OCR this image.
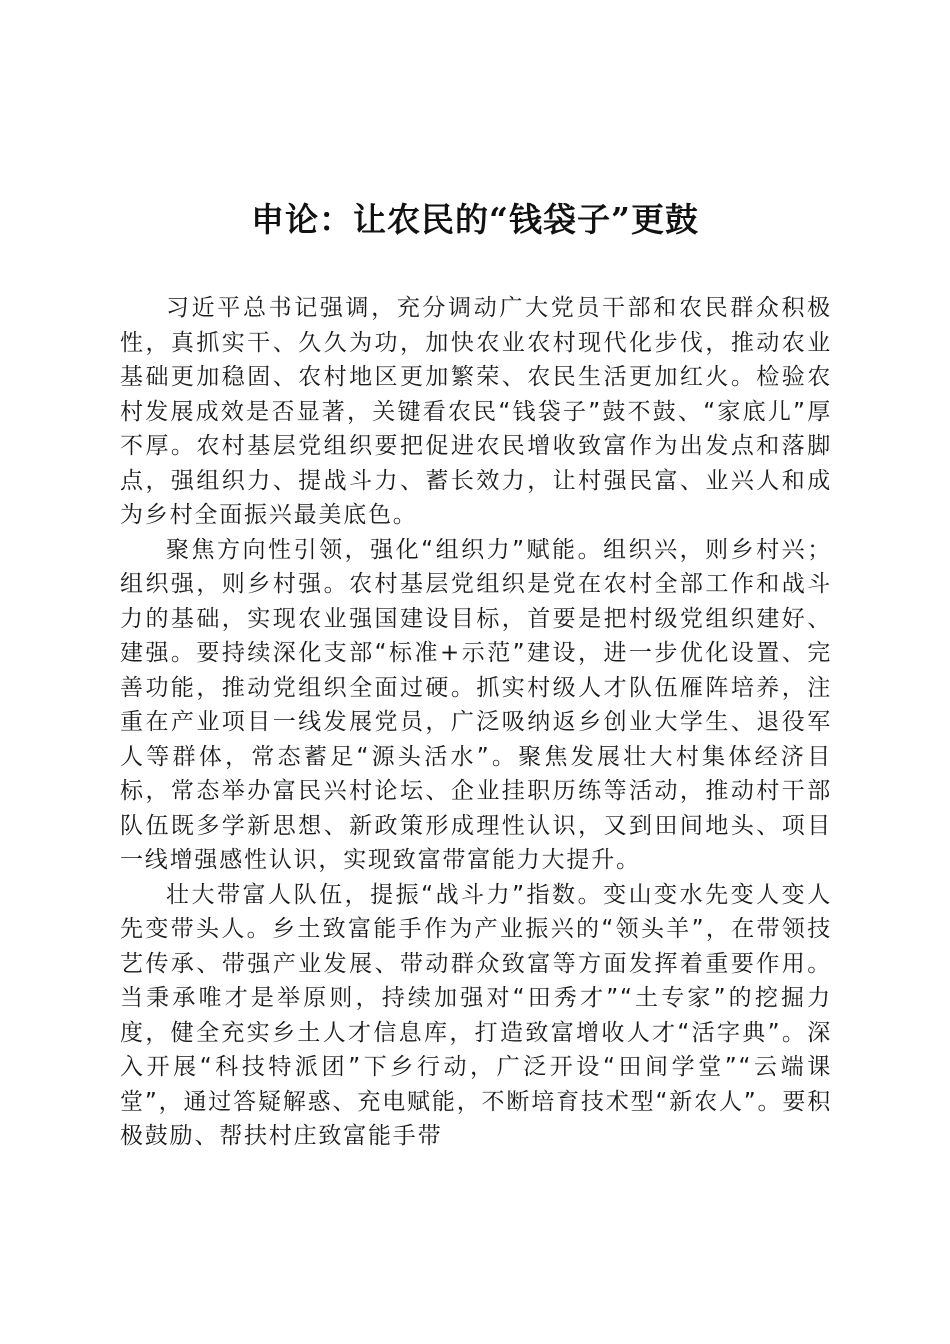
申论：让农民的“钱袋子”更鼓

习近平总书记强调，充分调动广大党员干部和农民群众积极性，真抓实干、久久为功，加快农业农村现代化步伐，推动农业基础更加稳固、农村地区更加繁荣、农民生活更加红火。检验农村发展成效是否显著，关键看农民“钱袋子”鼓不鼓、“家底儿”厚不厚。农村基层党组织要把促进农民增收致富作为出发点和落脚点，强组织力、提战斗力、蓄长效力，让村强民富、业兴人和成为乡村全面振兴最美底色。

聚焦方向性引领，强化“组织力”赋能。组织兴，则乡村兴；组织强，则乡村强。农村基层党组织是党在农村全部工作和战斗力的基础，实现农业强国建设目标，首要是把村级党组织建好、建强。要持续深化支部“标准+示范”建设，进一步优化设置、完善功能，推动党组织全面过硬。抓实村级人才队伍雁阵培养，注重在产业项目一线发展党员，广泛吸纳返乡创业大学生、退役军人等群体，常态蓄足“源头活水”。聚焦发展壮大村集体经济目标，常态举办富民兴村论坛、企业挂职历练等活动，推动村干部队伍既多学新思想、新政策形成理性认识，又到田间地头、项目一线增强感性认识，实现致富带富能力大提升。

壮大带富人队伍，提振“战斗力”指数。变山变水先变人变人先变带头人。乡土致富能手作为产业振兴的“领头羊”，在带领技艺传承、带强产业发展、带动群众致富等方面发挥着重要作用。当秉承唯才是举原则，持续加强对“田秀才”“土专家”的挖掘力度，健全充实乡土人才信息库，打造致富增收人才“活字典”。深入开展“科技特派团”下乡行动，广泛开设“田间学堂”“云端课堂”，通过答疑解惑、充电赋能，不断培育技术型“新农人”。要积极鼓励、帮扶村庄致富能手带
